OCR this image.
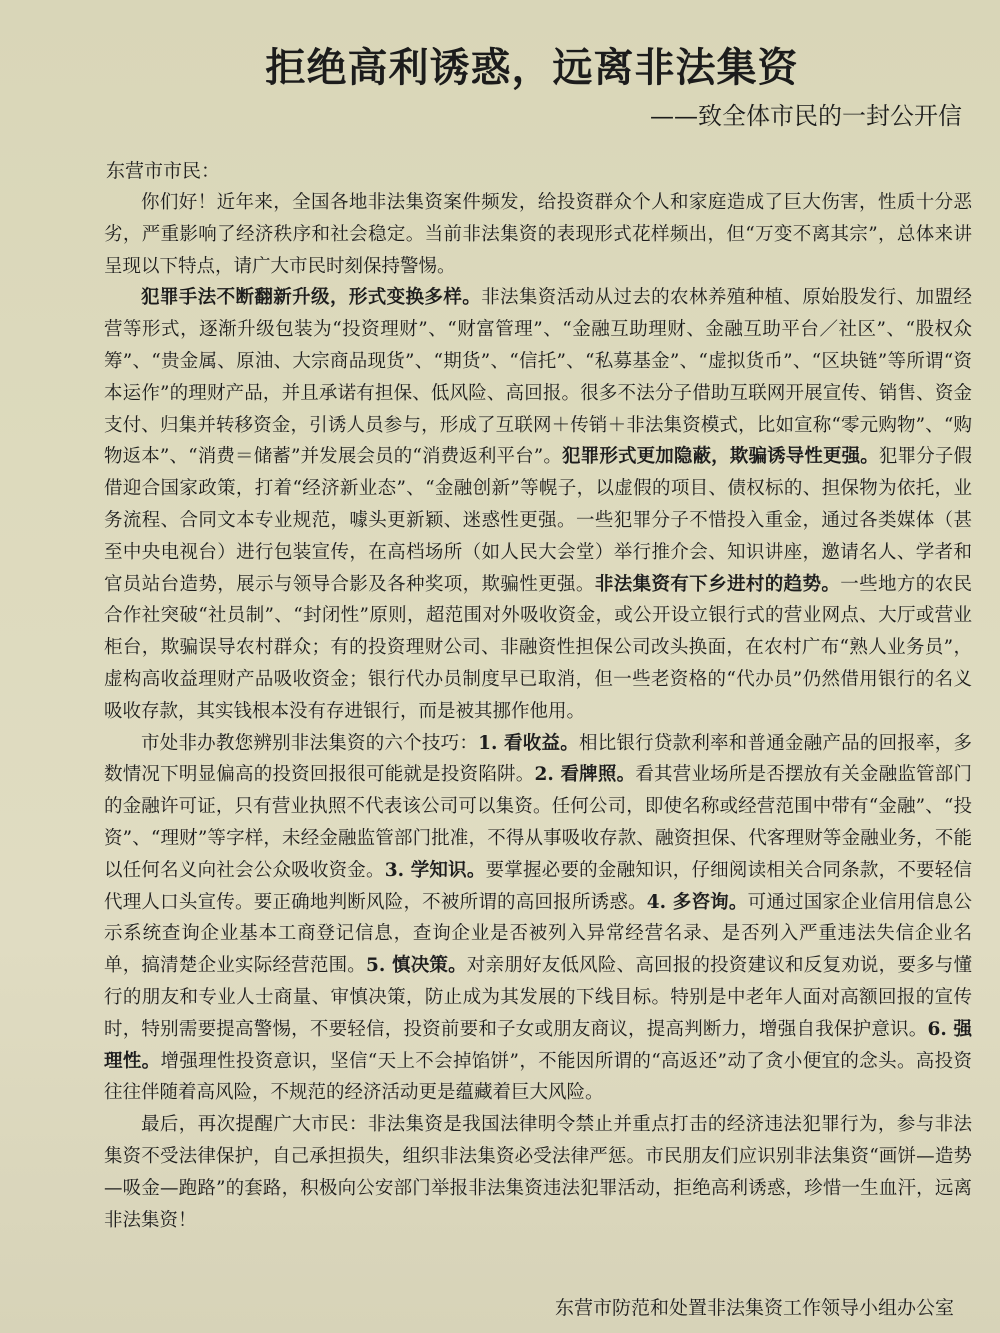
拒绝高利诱惑，远离非法集资
——致全体市民的一封公开信
东营市市民：

你们好！近年来，全国各地非法集资案件频发，给投资群众个人和家庭造成了巨大伤害，性质十分恶劣，严重影响了经济秩序和社会稳定。当前非法集资的表现形式花样频出，但“万变不离其宗”，总体来讲呈现以下特点，请广大市民时刻保持警惕。

犯罪手法不断翻新升级，形式变换多样。非法集资活动从过去的农林养殖种植、原始股发行、加盟经营等形式，逐渐升级包装为“投资理财”、“财富管理”、“金融互助理财、金融互助平台／社区”、“股权众筹”、“贵金属、原油、大宗商品现货”、“期货”、“信托”、“私募基金”、“虚拟货币”、“区块链”等所谓“资本运作”的理财产品，并且承诺有担保、低风险、高回报。很多不法分子借助互联网开展宣传、销售、资金支付、归集并转移资金，引诱人员参与，形成了互联网＋传销＋非法集资模式，比如宣称“零元购物”、“购物返本”、“消费＝储蓄”并发展会员的“消费返利平台”。犯罪形式更加隐蔽，欺骗诱导性更强。犯罪分子假借迎合国家政策，打着“经济新业态”、“金融创新”等幌子，以虚假的项目、债权标的、担保物为依托，业务流程、合同文本专业规范，噱头更新颖、迷惑性更强。一些犯罪分子不惜投入重金，通过各类媒体（甚至中央电视台）进行包装宣传，在高档场所（如人民大会堂）举行推介会、知识讲座，邀请名人、学者和官员站台造势，展示与领导合影及各种奖项，欺骗性更强。非法集资有下乡进村的趋势。一些地方的农民合作社突破“社员制”、“封闭性”原则，超范围对外吸收资金，或公开设立银行式的营业网点、大厅或营业柜台，欺骗误导农村群众；有的投资理财公司、非融资性担保公司改头换面，在农村广布“熟人业务员”，虚构高收益理财产品吸收资金；银行代办员制度早已取消，但一些老资格的“代办员”仍然借用银行的名义吸收存款，其实钱根本没有存进银行，而是被其挪作他用。

市处非办教您辨别非法集资的六个技巧：1. 看收益。相比银行贷款利率和普通金融产品的回报率，多数情况下明显偏高的投资回报很可能就是投资陷阱。2. 看牌照。看其营业场所是否摆放有关金融监管部门的金融许可证，只有营业执照不代表该公司可以集资。任何公司，即使名称或经营范围中带有“金融”、“投资”、“理财”等字样，未经金融监管部门批准，不得从事吸收存款、融资担保、代客理财等金融业务，不能以任何名义向社会公众吸收资金。3. 学知识。要掌握必要的金融知识，仔细阅读相关合同条款，不要轻信代理人口头宣传。要正确地判断风险，不被所谓的高回报所诱惑。4. 多咨询。可通过国家企业信用信息公示系统查询企业基本工商登记信息，查询企业是否被列入异常经营名录、是否列入严重违法失信企业名单，搞清楚企业实际经营范围。5. 慎决策。对亲朋好友低风险、高回报的投资建议和反复劝说，要多与懂行的朋友和专业人士商量、审慎决策，防止成为其发展的下线目标。特别是中老年人面对高额回报的宣传时，特别需要提高警惕，不要轻信，投资前要和子女或朋友商议，提高判断力，增强自我保护意识。6. 强理性。增强理性投资意识，坚信“天上不会掉馅饼”，不能因所谓的“高返还”动了贪小便宜的念头。高投资往往伴随着高风险，不规范的经济活动更是蕴藏着巨大风险。

最后，再次提醒广大市民：非法集资是我国法律明令禁止并重点打击的经济违法犯罪行为，参与非法集资不受法律保护，自己承担损失，组织非法集资必受法律严惩。市民朋友们应识别非法集资“画饼—造势—吸金—跑路”的套路，积极向公安部门举报非法集资违法犯罪活动，拒绝高利诱惑，珍惜一生血汗，远离非法集资！

东营市防范和处置非法集资工作领导小组办公室
